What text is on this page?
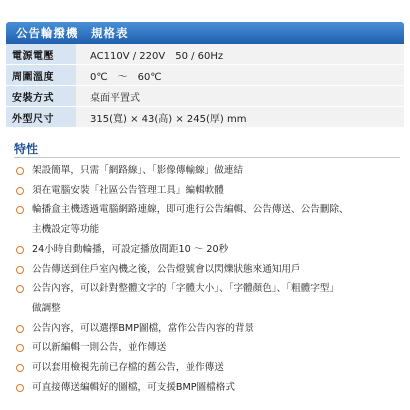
公告輪撥機　規格表
電源電壓	AC110V / 220V　50 / 60Hz
周圍溫度	0℃　～　60℃
安裝方式	桌面平置式
外型尺寸	315(寬) × 43(高) × 245(厚) mm
特性
架設簡單，只需「網路線」、「影像傳輸線」做連結
須在電腦安裝「社區公告管理工具」編輯軟體
輪播盒主機透過電腦網路連線，即可進行公告編輯、公告傳送、公告刪除、
主機設定等功能
24小時自動輪播，可設定播放間距10 ～ 20秒
公告傳送到住戶室內機之後，公告燈號會以閃爍狀態來通知用戶
公告內容，可以針對整體文字的「字體大小」、「字體顏色」、「粗體字型」
做調整
公告內容，可以選擇BMP圖檔，當作公告內容的背景
可以新編輯一則公告，並作傳送
可以套用檢視先前已存檔的舊公告，並作傳送
可直接傳送編輯好的圖檔，可支援BMP圖檔格式
